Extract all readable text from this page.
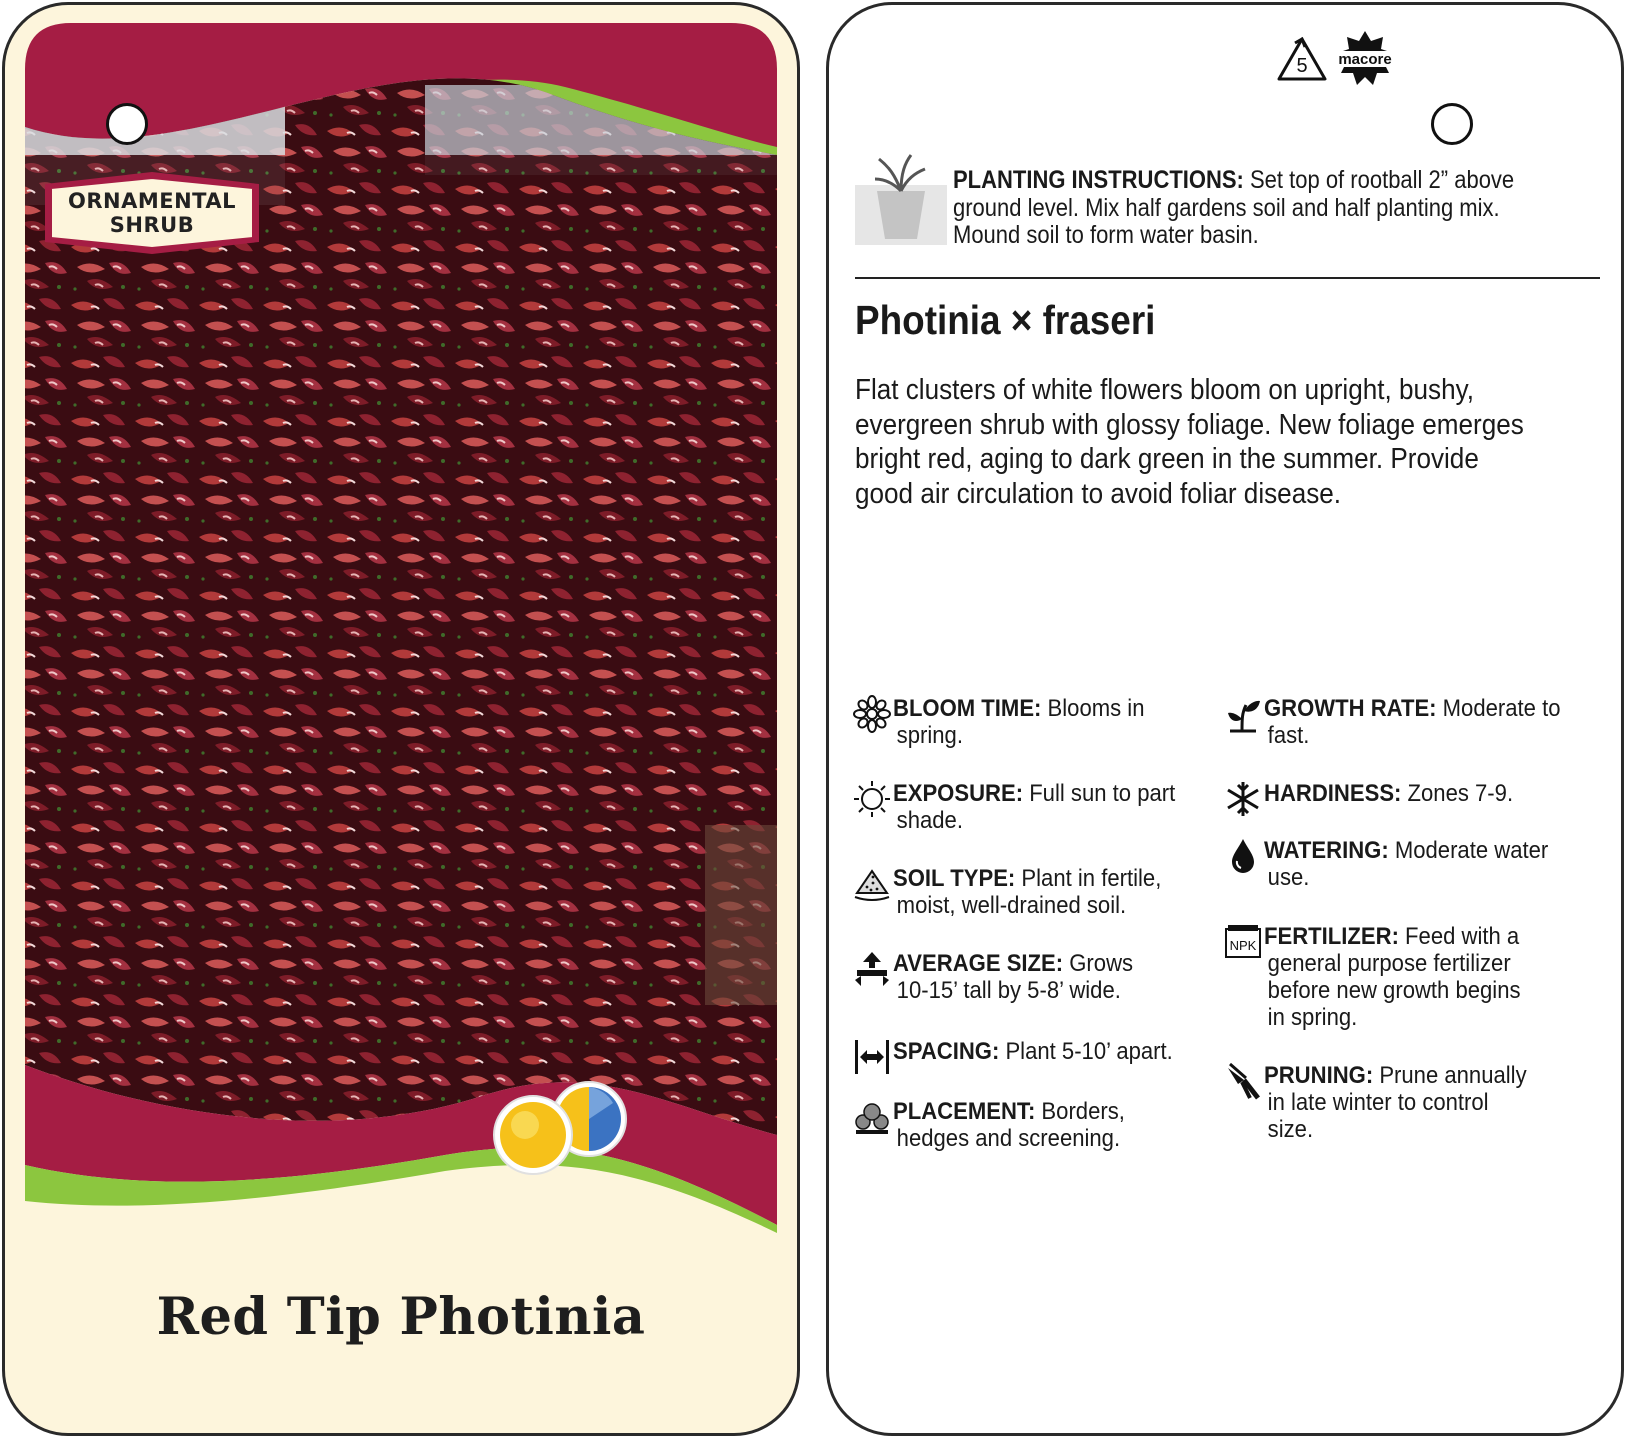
ORNAMENTAL
SHRUB
Red Tip Photinia
5 macore
PLANTING INSTRUCTIONS: Set top of rootball 2” above
ground level. Mix half gardens soil and half planting mix.
Mound soil to form water basin.
Photinia × fraseri
Flat clusters of white flowers bloom on upright, bushy,
evergreen shrub with glossy foliage. New foliage emerges
bright red, aging to dark green in the summer. Provide
good air circulation to avoid foliar disease.
BLOOM TIME: Blooms in
spring.
EXPOSURE: Full sun to part
shade.
SOIL TYPE: Plant in fertile,
moist, well-drained soil.
AVERAGE SIZE: Grows
10-15’ tall by 5-8’ wide.
SPACING: Plant 5-10’ apart.
PLACEMENT: Borders,
hedges and screening.
GROWTH RATE: Moderate to
fast.
HARDINESS: Zones 7-9.
WATERING: Moderate water
use.
NPK FERTILIZER: Feed with a
general purpose fertilizer
before new growth begins
in spring.
PRUNING: Prune annually
in late winter to control
size.
